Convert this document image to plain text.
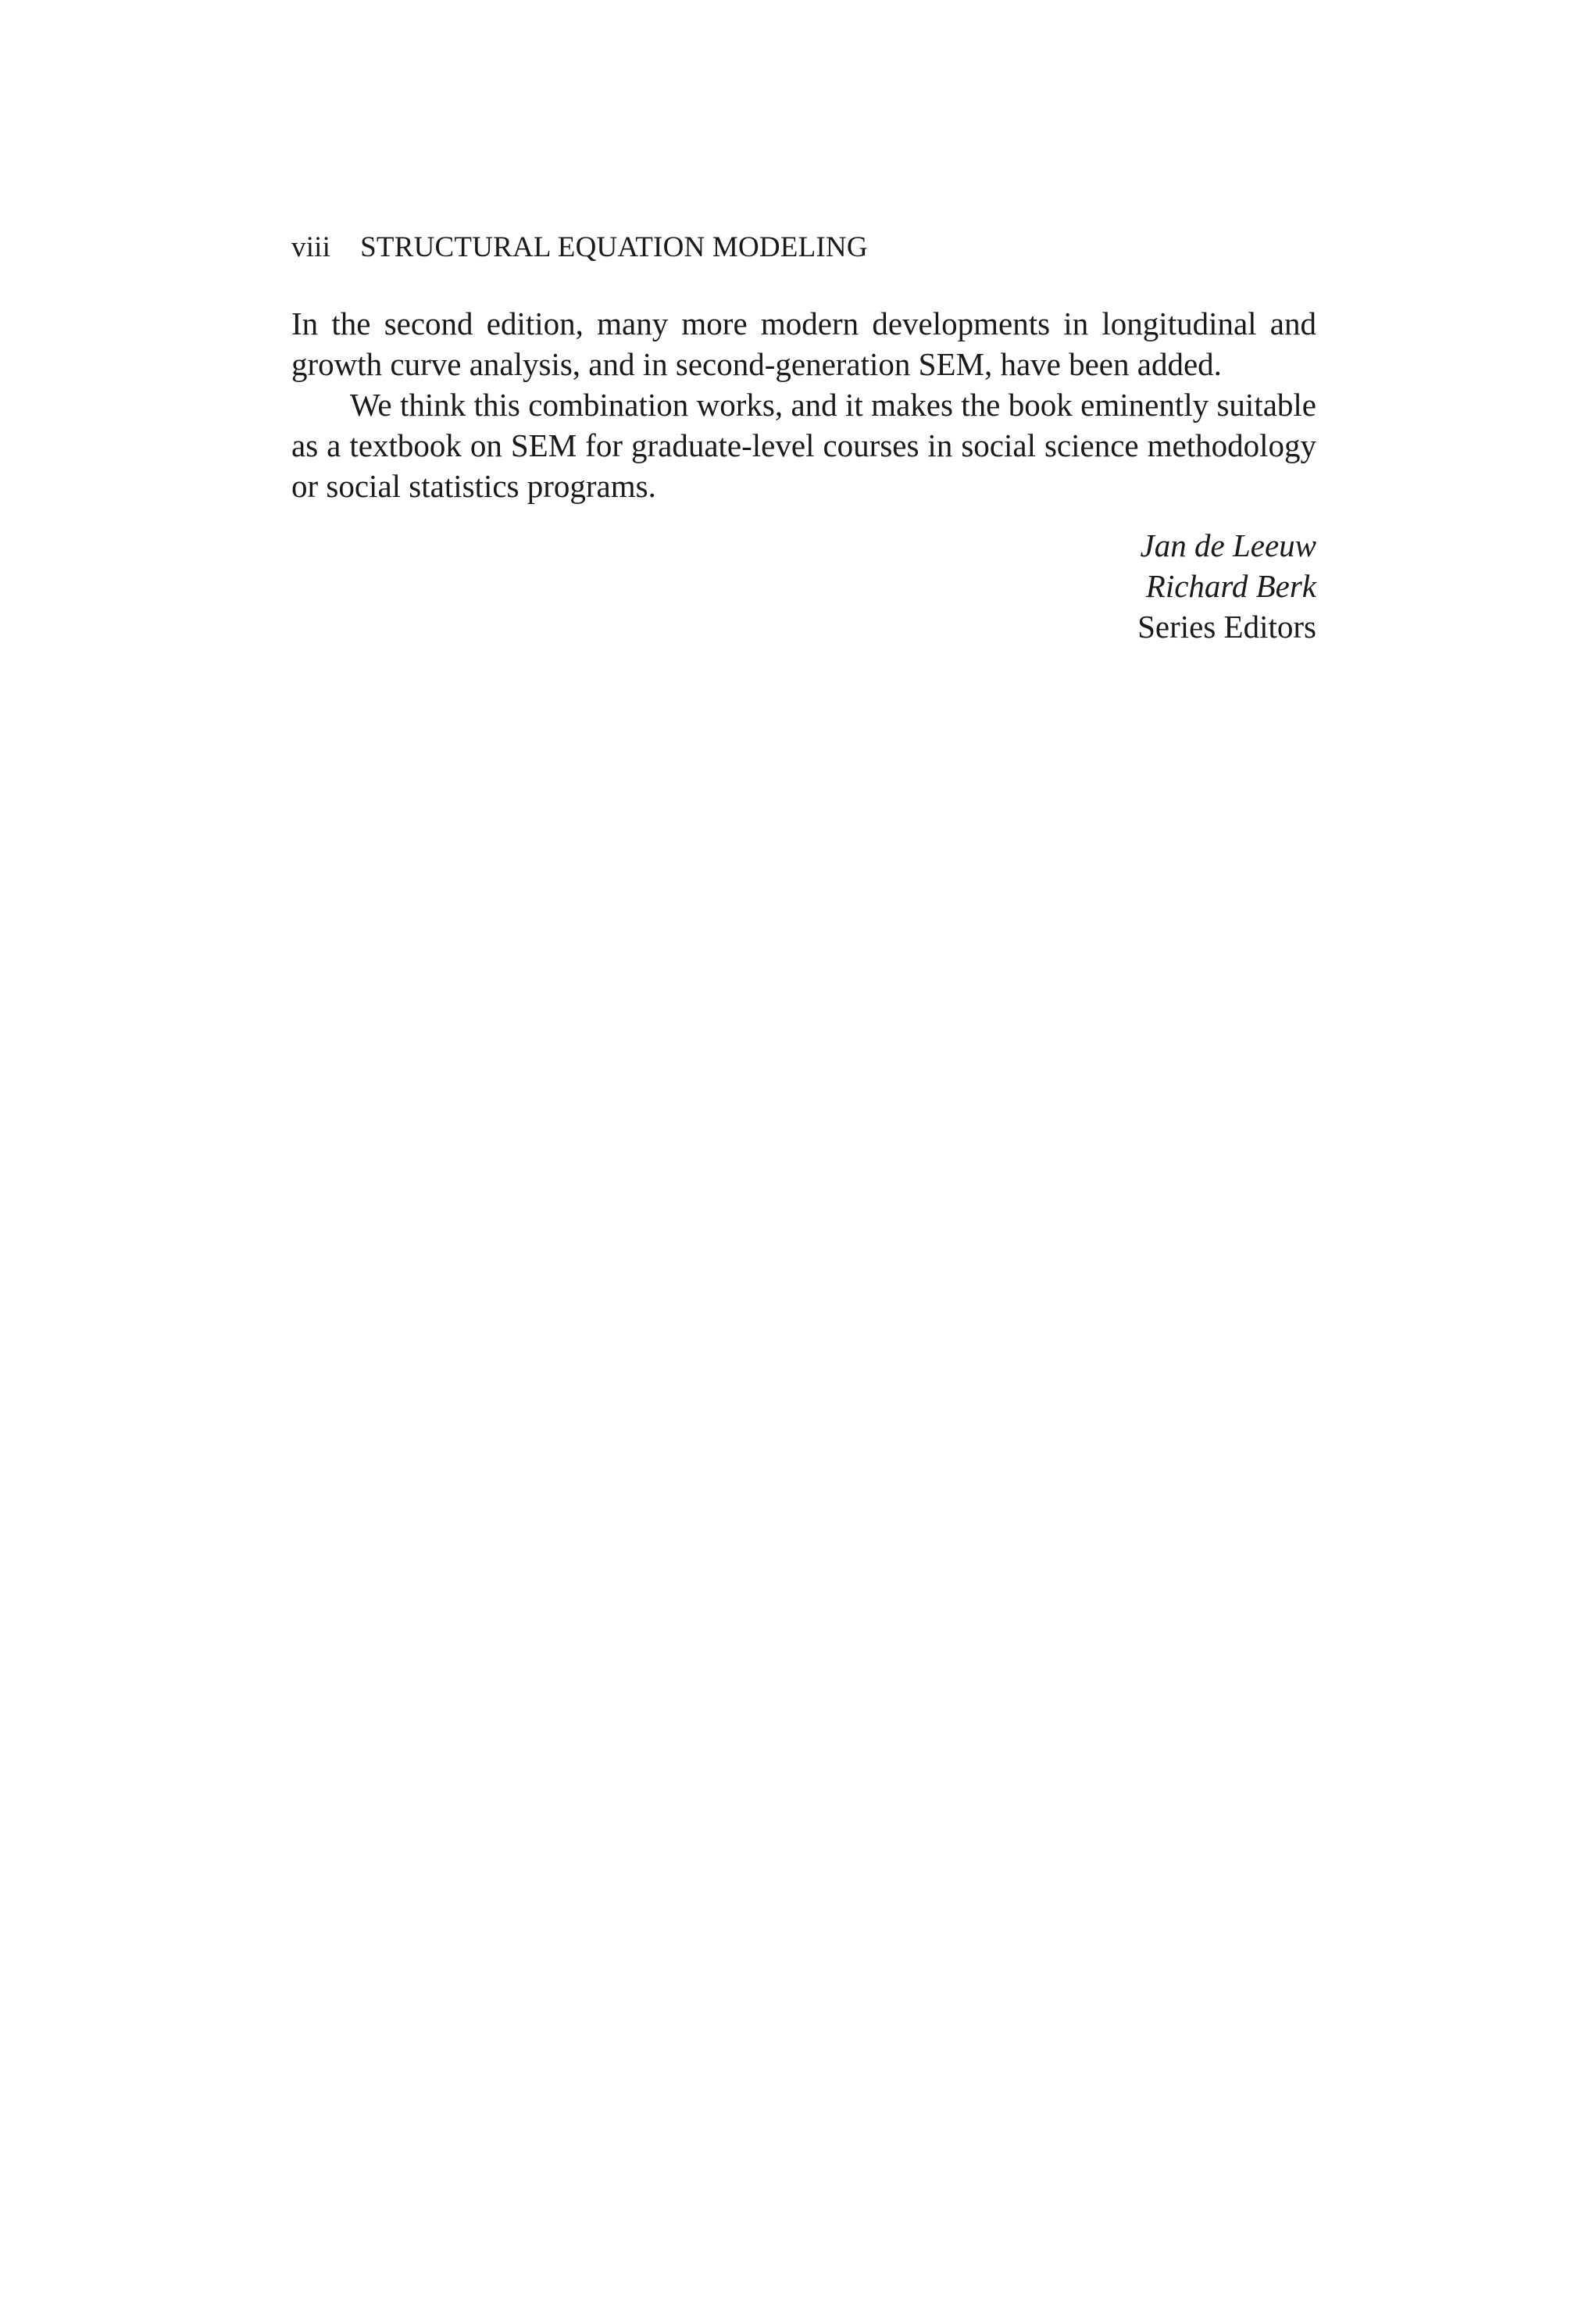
viii STRUCTURAL EQUATION MODELING

In the second edition, many more modern developments in longitudinal and growth curve analysis, and in second-generation SEM, have been added.

We think this combination works, and it makes the book eminently suitable as a textbook on SEM for graduate-level courses in social science methodology or social statistics programs.

Jan de Leeuw
Richard Berk
Series Editors
